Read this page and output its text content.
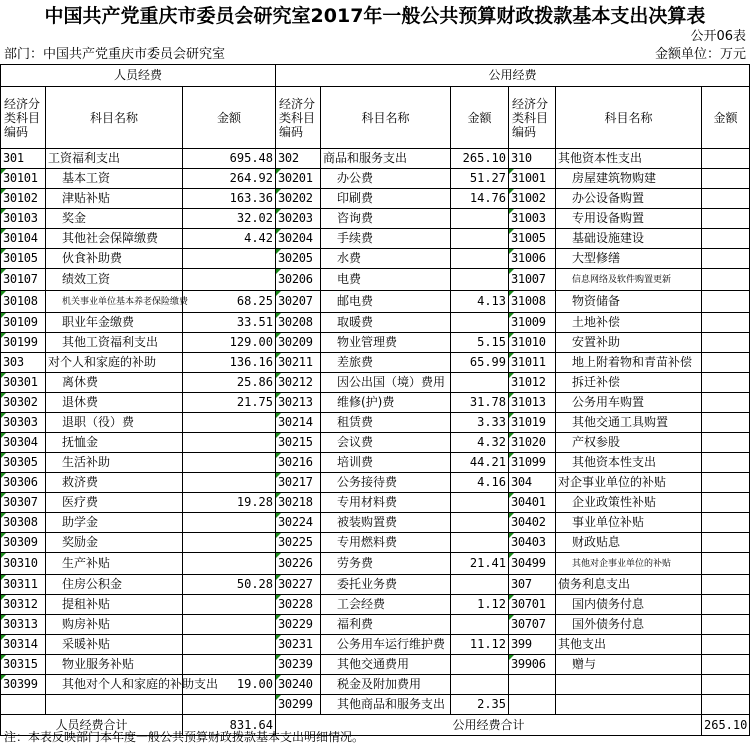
中国共产党重庆市委员会研究室2017年一般公共预算财政拨款基本支出决算表
公开06表
部门：中国共产党重庆市委员会研究室	金额单位：万元
人员经费			公用经费					
经济分类科目编码	科目名称	金额	经济分类科目编码	科目名称	金额	经济分类科目编码	科目名称	金额
301	工资福利支出	695.48	302	商品和服务支出	265.10	310	其他资本性支出	
30101	基本工资	264.92	30201	办公费	51.27	31001	房屋建筑物购建	
30102	津贴补贴	163.36	30202	印刷费	14.76	31002	办公设备购置	
30103	奖金	32.02	30203	咨询费		31003	专用设备购置	
30104	其他社会保障缴费	4.42	30204	手续费		31005	基础设施建设	
30105	伙食补助费		30205	水费		31006	大型修缮	
30107	绩效工资		30206	电费		31007	信息网络及软件购置更新	
30108	机关事业单位基本养老保险缴费	68.25	30207	邮电费	4.13	31008	物资储备	
30109	职业年金缴费	33.51	30208	取暖费		31009	土地补偿	
30199	其他工资福利支出	129.00	30209	物业管理费	5.15	31010	安置补助	
303	对个人和家庭的补助	136.16	30211	差旅费	65.99	31011	地上附着物和青苗补偿	
30301	离休费	25.86	30212	因公出国（境）费用		31012	拆迁补偿	
30302	退休费	21.75	30213	维修(护)费	31.78	31013	公务用车购置	
30303	退职（役）费		30214	租赁费	3.33	31019	其他交通工具购置	
30304	抚恤金		30215	会议费	4.32	31020	产权参股	
30305	生活补助		30216	培训费	44.21	31099	其他资本性支出	
30306	救济费		30217	公务接待费	4.16	304	对企事业单位的补贴	
30307	医疗费	19.28	30218	专用材料费		30401	企业政策性补贴	
30308	助学金		30224	被装购置费		30402	事业单位补贴	
30309	奖励金		30225	专用燃料费		30403	财政贴息	
30310	生产补贴		30226	劳务费	21.41	30499	其他对企事业单位的补贴	
30311	住房公积金	50.28	30227	委托业务费		307	债务利息支出	
30312	提租补贴		30228	工会经费	1.12	30701	国内债务付息	
30313	购房补贴		30229	福利费		30707	国外债务付息	
30314	采暖补贴		30231	公务用车运行维护费	11.12	399	其他支出	
30315	物业服务补贴		30239	其他交通费用		39906	赠与	
30399	其他对个人和家庭的补助支出	19.00	30240	税金及附加费用				
			30299	其他商品和服务支出	2.35			
人员经费合计		831.64	公用经费合计					265.10
注：本表反映部门本年度一般公共预算财政拨款基本支出明细情况。
